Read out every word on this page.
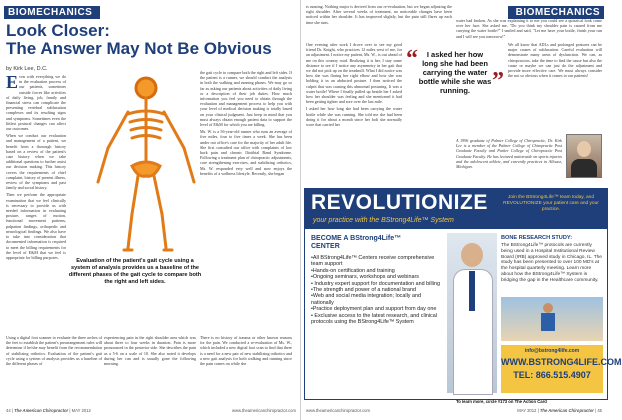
BIOMECHANICS
Look Closer:
The Answer May Not Be Obvious
by Kirk Lee, D.C.
E ven with everything we do in the evaluation process of our patients, sometimes outside forces like activities of daily living, job, family and financial stress can complicate the presenting vertebral subluxation complexes and its resulting signs and symptoms. Sometimes even the littlest postural changes can affect our outcomes.

When we conduct our evaluation and management of a patient, we benefit from a thorough history based on a review of the patient's case history when we take additional questions to further assist our decision making. This history covers the requirements of chief complaint, history of present illness, review of the symptoms and past family and social history.

Then we perform the appropriate examination that we feel clinically is necessary to provide us with needed information in evaluating posture, ranges of motion, functional movement patterns, palpation findings, orthopedic and neurological findings. We also have to take into consideration that documented information is required to meet the billing requirements for the level of E&M that we feel is appropriate for billing purposes.

the gait cycle to compare both the right and left sides. If the patient is a runner, we should conduct the analysis in both the walking and running phases. We may go so far as asking our patients about activities of daily living or a description of their job duties. How much information you feel you need to obtain through the evaluation and management process to help you with your level of medical decision making is totally based on your clinical judgment. Just keep in mind that you must always obtain enough patient data to support the level of E&M for which you are billing.

Ms. W. is a 56-year-old runner who runs an average of five miles, four to five times a week. She has been under our office's care for the majority of her adult life. She first consulted our office with complaints of low back pain and chronic Iliotibial Band Syndrome. Following a treatment plan of chiropractic adjustments, core strengthening exercises, and stabilizing orthotics, Ms. W. responded very well and now enjoys the benefits of a wellness lifestyle. Recently, she began

Evaluation of the patient's gait cycle using a system of analysis provides us a baseline of the different phases of the gait cycle to compare both the right and left sides.

Using a digital foot scanner to evaluate the three arches of the feet to establish the patient's prearrangement rules will determine if he/she may benefit from the recommendation of stabilizing orthotics. Evaluation of the patient's gait cycle using a system of analysis provides us a baseline of the different phases of

experiencing pain in the right shoulder area which was about three to four weeks in duration. Pain is more pronounced in the posterior side. She describes the pain as a 5-6 on a scale of 10. She also noted it develops during her run and is usually gone the following morning.

There is no history of trauma or other known reasons for the pain. We conducted a re-evaluation of Ms. W., which included a new digital foot scan to find that there is a need for a new pair of new stabilizing orthotics and a new gait analysis for both walking and running since the pain comes on while she

44 | The American Chiropractor | MAY 2012	www.theamericanchiropractor.com
BIOMECHANICS
is running. Nothing major is derived from our re-evaluation, but we began adjusting the right shoulder. After several weeks of treatment, no noticeable changes have been noticed within her shoulder. It has improved slightly, but the pain still flares up each time she runs.	water had broken. As she was explaining it to me you could see a quizzical look come over her face. She asked me, "Do you think my shoulder pain is caused from me carrying the water bottle?" I smiled and said, "Let me have your bottle, finish your run and I will see you tomorrow!"

One evening after work I drove over to see my good friend Dr. Knight, who practices 12 miles west of me, for an adjustment. I notice my patient, Ms. W., is out ahead of me on this country road. Realizing it is her, I stay some distance to see if I notice any asymmetry in her gait that we did not pick up on the treadmill. What I did notice was how she was flaring her right elbow and how she was holding it in an abducted posture. I then noticed the culprit that was causing this abnormal posturing. It was a water bottle! Where I finally pulled up beside her I asked how her shoulder was feeling and she mentioned it had been getting tighter and sore over the last mile.

I asked her how long she had been carrying the water bottle while she was running. She told me she had been doing it for about a month since her bolt she normally wore that carried her

“	I asked her how long she had been carrying the water bottle while she was running. ”
We all know that ADLs and prolonged postures can be major causes of subluxation. Careful evaluation will demonstrate many areas of dysfunction. We can, as chiropractors, take the time to find the cause but also the cause or maybe we can just do the adjustment and provide more effective care. We must always consider the not so obvious when it comes to our patients!
A 1996 graduate of Palmer College of Chiropractic, Dr. Kirk Lee is a member of the Palmer College of Chiropractic Post Graduate Faculty and Parker College of Chiropractic Post Graduate Faculty. He has lectured nationwide on sports injuries and the adolescent athlete, and currently practices in Allouez, Michigan.
REVOLUTIONIZE
your practice with the BStrong4Life™ System
Join the BStrong4Life™ team today, and REVOLUTIONIZE your patient care and your practice.
BECOME A BStrong4Life™
CENTER
•All BStrong4Life™ Centers receive comprehensive team support
•Hands-on certification and training
•Ongoing seminars, workshops and webinars
• Industry expert support for documentation and billing
•The strength and power of a national brand
•Web and social media integration; locally and nationally
•Practice deployment plan and support from day one
• Exclusive access to the latest research, and clinical protocols using the BStrong4Life™ System
BONE RESEARCH STUDY:
The BStrong4Life™ protocols are currently being used in a Hospital Institutional Review Board (IRB) approved study in Chicago, IL. The study has been presented to over 100 MD's at the hospital quarterly meeting. Learn more about how the BStrong4Life™ System is bridging the gap in the Healthcare community.
info@bstrong4life.com
WWW.BSTRONG4LIFE.COM
TEL: 866.515.4907
To learn more, circle #173 on The Action Card
www.theamericanchiropractor.com	MAY 2012 | The American Chiropractor | 45
